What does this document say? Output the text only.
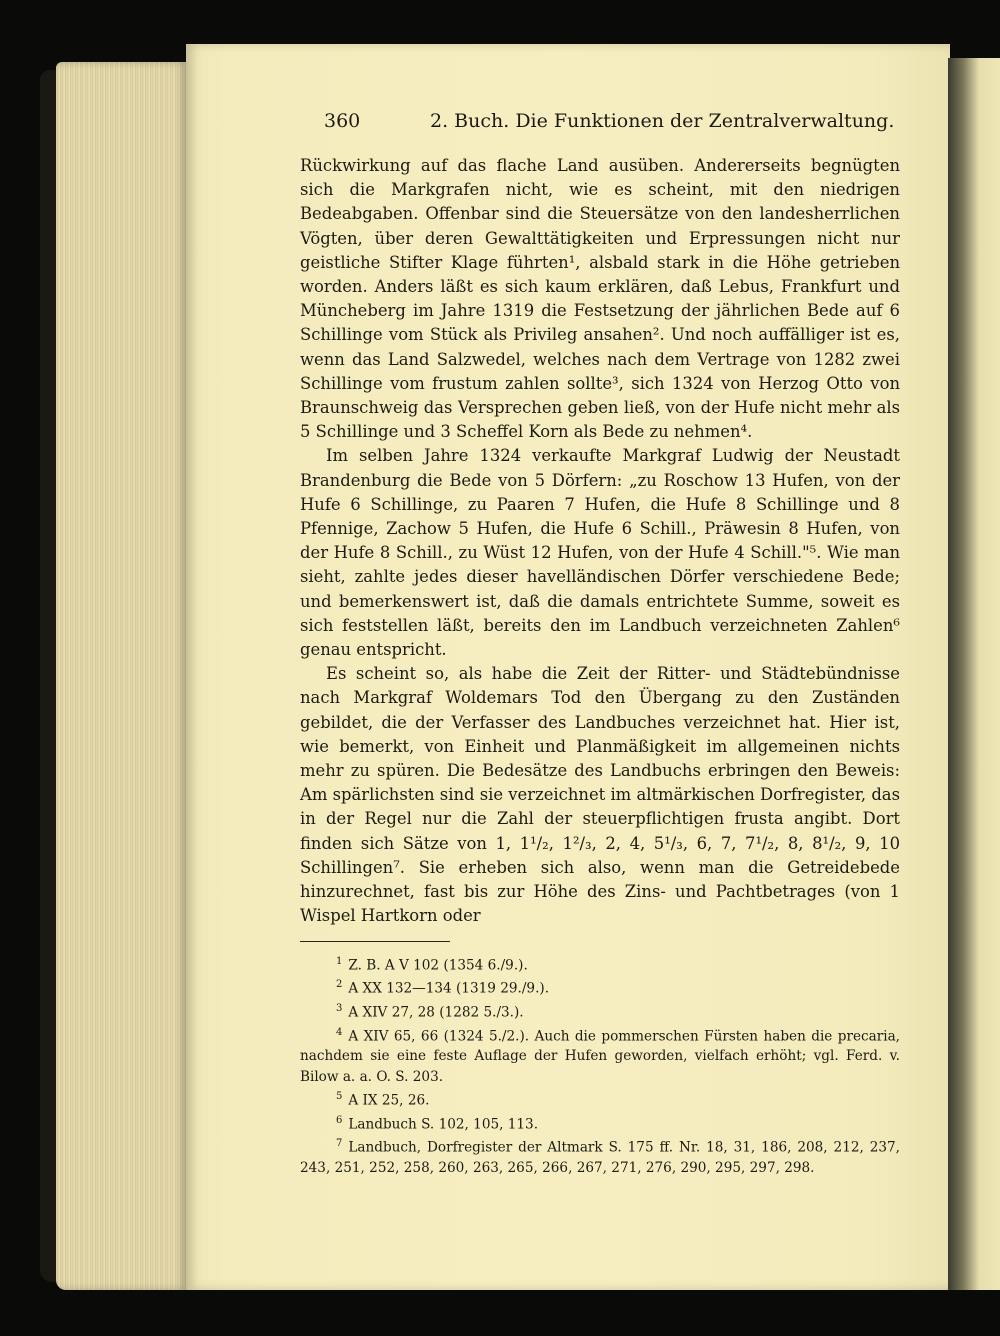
360	2. Buch. Die Funktionen der Zentralverwaltung.

Rückwirkung auf das flache Land ausüben. Andererseits begnügten sich die Markgrafen nicht, wie es scheint, mit den niedrigen Bedeabgaben. Offenbar sind die Steuersätze von den landesherrlichen Vögten, über deren Gewalttätigkeiten und Erpressungen nicht nur geistliche Stifter Klage führten¹, alsbald stark in die Höhe getrieben worden. Anders läßt es sich kaum erklären, daß Lebus, Frankfurt und Müncheberg im Jahre 1319 die Festsetzung der jährlichen Bede auf 6 Schillinge vom Stück als Privileg ansahen². Und noch auffälliger ist es, wenn das Land Salzwedel, welches nach dem Vertrage von 1282 zwei Schillinge vom frustum zahlen sollte³, sich 1324 von Herzog Otto von Braunschweig das Versprechen geben ließ, von der Hufe nicht mehr als 5 Schillinge und 3 Scheffel Korn als Bede zu nehmen⁴.

Im selben Jahre 1324 verkaufte Markgraf Ludwig der Neustadt Brandenburg die Bede von 5 Dörfern: „zu Roschow 13 Hufen, von der Hufe 6 Schillinge, zu Paaren 7 Hufen, die Hufe 8 Schillinge und 8 Pfennige, Zachow 5 Hufen, die Hufe 6 Schill., Präwesin 8 Hufen, von der Hufe 8 Schill., zu Wüst 12 Hufen, von der Hufe 4 Schill."⁵. Wie man sieht, zahlte jedes dieser havelländischen Dörfer verschiedene Bede; und bemerkenswert ist, daß die damals entrichtete Summe, soweit es sich feststellen läßt, bereits den im Landbuch verzeichneten Zahlen⁶ genau entspricht.

Es scheint so, als habe die Zeit der Ritter- und Städtebündnisse nach Markgraf Woldemars Tod den Übergang zu den Zuständen gebildet, die der Verfasser des Landbuches verzeichnet hat. Hier ist, wie bemerkt, von Einheit und Planmäßigkeit im allgemeinen nichts mehr zu spüren. Die Bedesätze des Landbuchs erbringen den Beweis: Am spärlichsten sind sie verzeichnet im altmärkischen Dorfregister, das in der Regel nur die Zahl der steuerpflichtigen frusta angibt. Dort finden sich Sätze von 1, 1¹/₂, 1²/₃, 2, 4, 5¹/₃, 6, 7, 7¹/₂, 8, 8¹/₂, 9, 10 Schillingen⁷. Sie erheben sich also, wenn man die Getreidebede hinzurechnet, fast bis zur Höhe des Zins- und Pachtbetrages (von 1 Wispel Hartkorn oder

$^1$ Z. B. A V 102 (1354 6./9.).

$^2$ A XX 132—134 (1319 29./9.).

$^3$ A XIV 27, 28 (1282 5./3.).

$^4$ A XIV 65, 66 (1324 5./2.). Auch die pommerschen Fürsten haben die precaria, nachdem sie eine feste Auflage der Hufen geworden, vielfach erhöht; vgl. Ferd. v. Bilow a. a. O. S. 203.

$^5$ A IX 25, 26.

$^6$ Landbuch S. 102, 105, 113.

$^7$ Landbuch, Dorfregister der Altmark S. 175 ff. Nr. 18, 31, 186, 208, 212, 237, 243, 251, 252, 258, 260, 263, 265, 266, 267, 271, 276, 290, 295, 297, 298.
